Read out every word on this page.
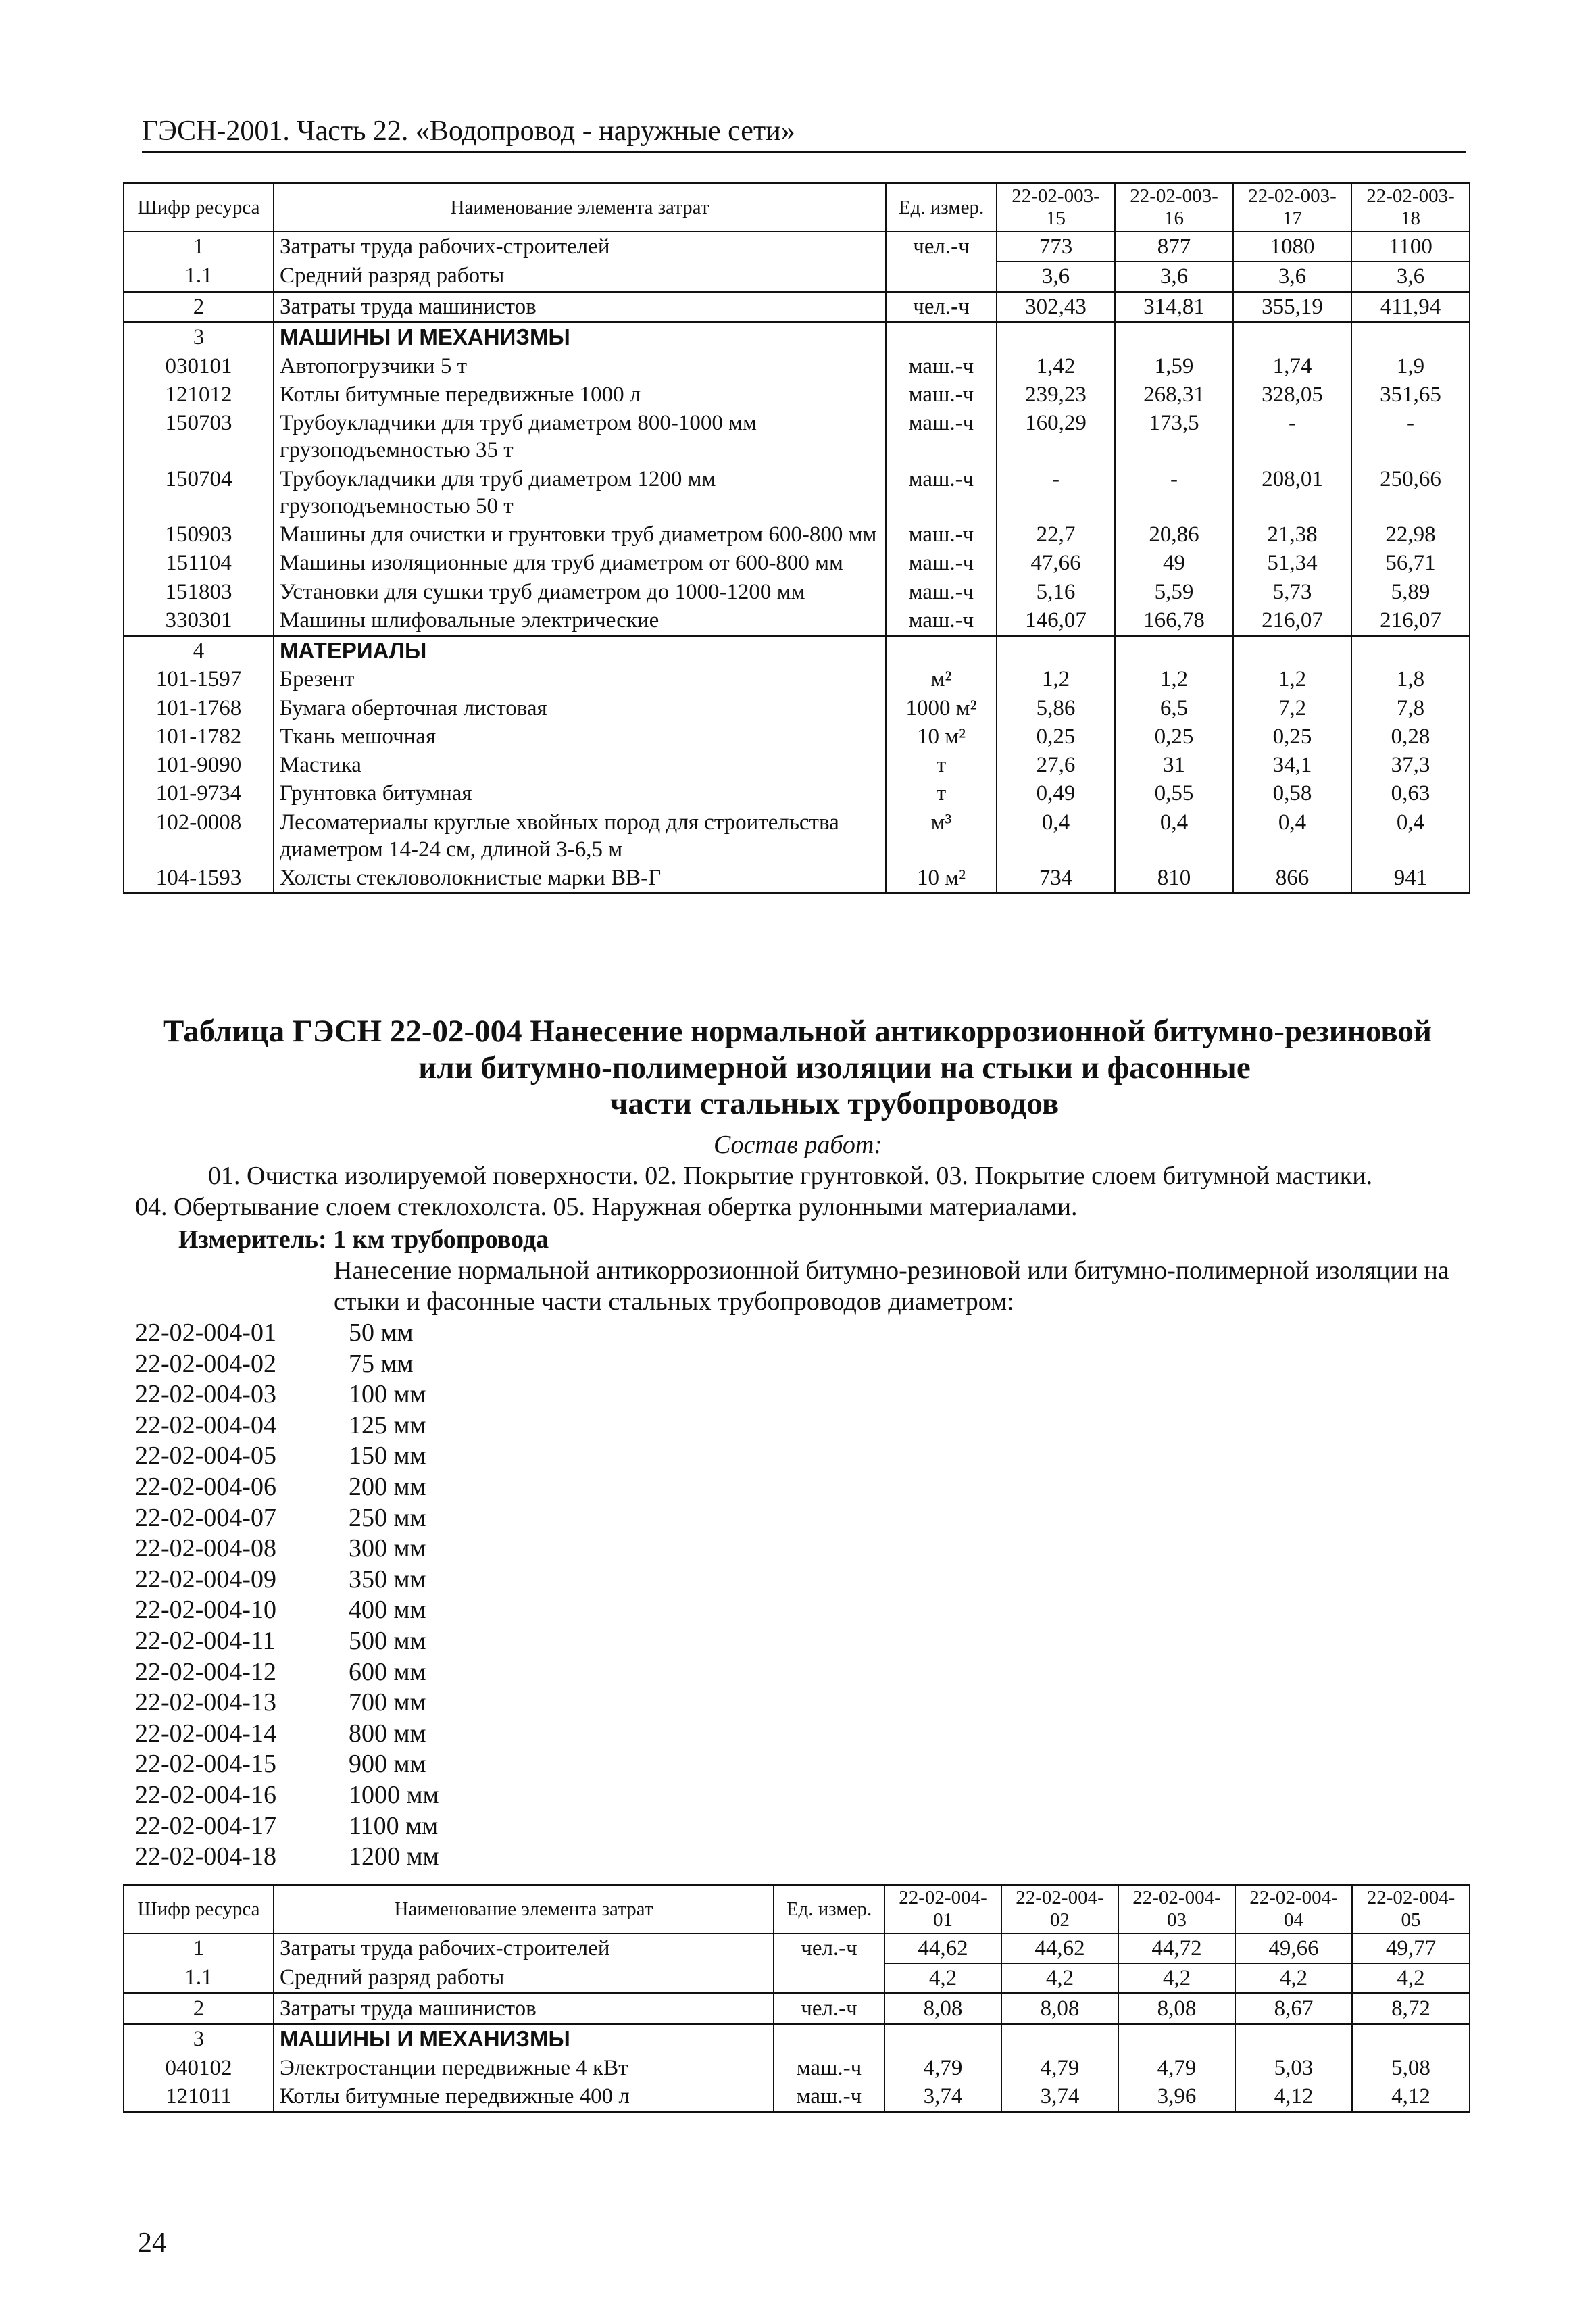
ГЭСН-2001. Часть 22. «Водопровод - наружные сети»
Шифр ресурса	Наименование элемента затрат	Ед. измер.	22-02-003-15	22-02-003-16	22-02-003-17	22-02-003-18
1	Затраты труда рабочих-строителей	чел.-ч	773	877	1080	1100
1.1	Средний разряд работы		3,6	3,6	3,6	3,6
2	Затраты труда машинистов	чел.-ч	302,43	314,81	355,19	411,94
3	МАШИНЫ И МЕХАНИЗМЫ					
030101	Автопогрузчики 5 т	маш.-ч	1,42	1,59	1,74	1,9
121012	Котлы битумные передвижные 1000 л	маш.-ч	239,23	268,31	328,05	351,65
150703	Трубоукладчики для труб диаметром 800-1000 мм грузоподъемностью 35 т	маш.-ч	160,29	173,5	-	-
150704	Трубоукладчики для труб диаметром 1200 мм грузоподъемностью 50 т	маш.-ч	-	-	208,01	250,66
150903	Машины для очистки и грунтовки труб диаметром 600-800 мм	маш.-ч	22,7	20,86	21,38	22,98
151104	Машины изоляционные для труб диаметром от 600-800 мм	маш.-ч	47,66	49	51,34	56,71
151803	Установки для сушки труб диаметром до 1000-1200 мм	маш.-ч	5,16	5,59	5,73	5,89
330301	Машины шлифовальные электрические	маш.-ч	146,07	166,78	216,07	216,07
4	МАТЕРИАЛЫ					
101-1597	Брезент	м²	1,2	1,2	1,2	1,8
101-1768	Бумага оберточная листовая	1000 м²	5,86	6,5	7,2	7,8
101-1782	Ткань мешочная	10 м²	0,25	0,25	0,25	0,28
101-9090	Мастика	т	27,6	31	34,1	37,3
101-9734	Грунтовка битумная	т	0,49	0,55	0,58	0,63
102-0008	Лесоматериалы круглые хвойных пород для строительства диаметром 14-24 см, длиной 3-6,5 м	м³	0,4	0,4	0,4	0,4
104-1593	Холсты стекловолокнистые марки ВВ-Г	10 м²	734	810	866	941
Таблица ГЭСН 22-02-004 Нанесение нормальной антикоррозионной битумно-резиновой
или битумно-полимерной изоляции на стыки и фасонные
части стальных трубопроводов
Состав работ:
01. Очистка изолируемой поверхности. 02. Покрытие грунтовкой. 03. Покрытие слоем битумной мастики.
04. Обертывание слоем стеклохолста. 05. Наружная обертка рулонными материалами.
Измеритель: 1 км трубопровода
Нанесение нормальной антикоррозионной битумно-резиновой или битумно-полимерной изоляции на стыки и фасонные части стальных трубопроводов диаметром:
22-02-004-01	50 мм
22-02-004-02	75 мм
22-02-004-03	100 мм
22-02-004-04	125 мм
22-02-004-05	150 мм
22-02-004-06	200 мм
22-02-004-07	250 мм
22-02-004-08	300 мм
22-02-004-09	350 мм
22-02-004-10	400 мм
22-02-004-11	500 мм
22-02-004-12	600 мм
22-02-004-13	700 мм
22-02-004-14	800 мм
22-02-004-15	900 мм
22-02-004-16	1000 мм
22-02-004-17	1100 мм
22-02-004-18	1200 мм
Шифр ресурса	Наименование элемента затрат	Ед. измер.	22-02-004-01	22-02-004-02	22-02-004-03	22-02-004-04	22-02-004-05
1	Затраты труда рабочих-строителей	чел.-ч	44,62	44,62	44,72	49,66	49,77
1.1	Средний разряд работы		4,2	4,2	4,2	4,2	4,2
2	Затраты труда машинистов	чел.-ч	8,08	8,08	8,08	8,67	8,72
3	МАШИНЫ И МЕХАНИЗМЫ						
040102	Электростанции передвижные 4 кВт	маш.-ч	4,79	4,79	4,79	5,03	5,08
121011	Котлы битумные передвижные 400 л	маш.-ч	3,74	3,74	3,96	4,12	4,12
24
